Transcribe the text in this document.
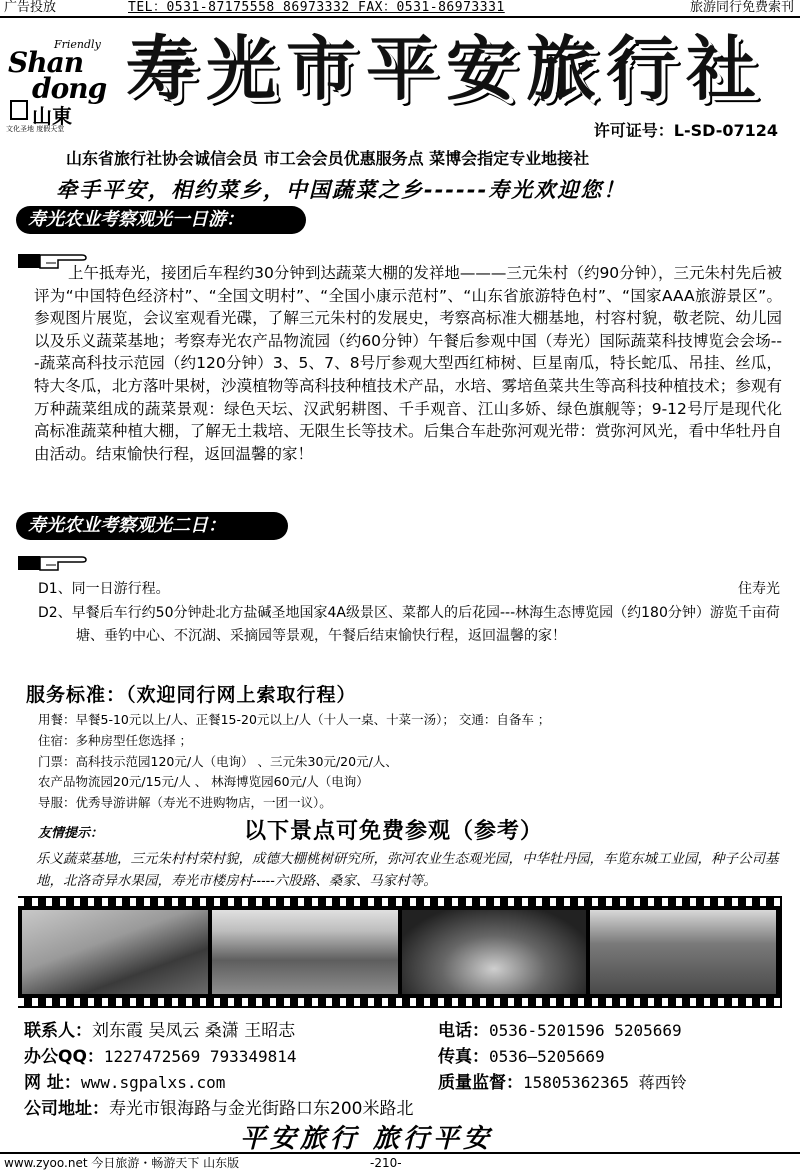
广告投放	TEL：0531-87175558 86973332 FAX：0531-86973331	旅游同行免费索刊
Friendly
Shan
dong
山東
文化圣地 度假天堂
寿光市平安旅行社
许可证号：L-SD-07124
山东省旅行社协会诚信会员 市工会会员优惠服务点 菜博会指定专业地接社
牵手平安，相约菜乡，中国蔬菜之乡------寿光欢迎您！
寿光农业考察观光一日游：
上午抵寿光，接团后车程约30分钟到达蔬菜大棚的发祥地———三元朱村（约90分钟），三元朱村先后被评为“中国特色经济村”、“全国文明村”、“全国小康示范村”、“山东省旅游特色村”、“国家AAA旅游景区”。参观图片展览，会议室观看光碟，了解三元朱村的发展史，考察高标准大棚基地，村容村貌，敬老院、幼儿园以及乐义蔬菜基地；考察寿光农产品物流园（约60分钟）午餐后参观中国（寿光）国际蔬菜科技博览会会场---蔬菜高科技示范园（约120分钟）3、5、7、8号厅参观大型西红柿树、巨星南瓜，特长蛇瓜、吊挂、丝瓜，特大冬瓜，北方落叶果树，沙漠植物等高科技种植技术产品，水培、雾培鱼菜共生等高科技种植技术；参观有万种蔬菜组成的蔬菜景观：绿色天坛、汉武躬耕图、千手观音、江山多娇、绿色旗舰等；9-12号厅是现代化高标准蔬菜种植大棚，了解无土栽培、无限生长等技术。后集合车赴弥河观光带：赏弥河风光，看中华牡丹自由活动。结束愉快行程，返回温馨的家！
寿光农业考察观光二日：
D1、同一日游行程。	住寿光
D2、早餐后车行约50分钟赴北方盐碱圣地国家4A级景区、菜都人的后花园---林海生态博览园（约180分钟）游览千亩荷塘、垂钓中心、不沉湖、采摘园等景观，午餐后结束愉快行程，返回温馨的家！
服务标准：（欢迎同行网上索取行程）
用餐：早餐5-10元以上/人、正餐15-20元以上/人（十人一桌、十菜一汤）； 交通：自备车 ；
住宿：多种房型任您选择 ；
门票：高科技示范园120元/人（电询） 、三元朱30元/20元/人、
农产品物流园20元/15元/人 、 林海博览园60元/人（电询）
导服：优秀导游讲解（寿光不进购物店，一团一议）。
友情提示：	以下景点可免费参观（参考）
乐义蔬菜基地，三元朱村村荣村貌，成德大棚桃树研究所，弥河农业生态观光园，中华牡丹园，车览东城工业园，种子公司基地，北洛奇异水果园，寿光市楼房村-----六股路、桑家、马家村等。
联系人：刘东霞 吴凤云 桑潇 王昭志	电话：0536-5201596 5205669
办公QQ：1227472569 793349814	传真：0536—5205669
网 址：www.sgpalxs.com	质量监督：15805362365 蒋西铃
公司地址：寿光市银海路与金光街路口东200米路北
平安旅行 旅行平安
www.zyoo.net 今日旅游・畅游天下 山东版	-210-
